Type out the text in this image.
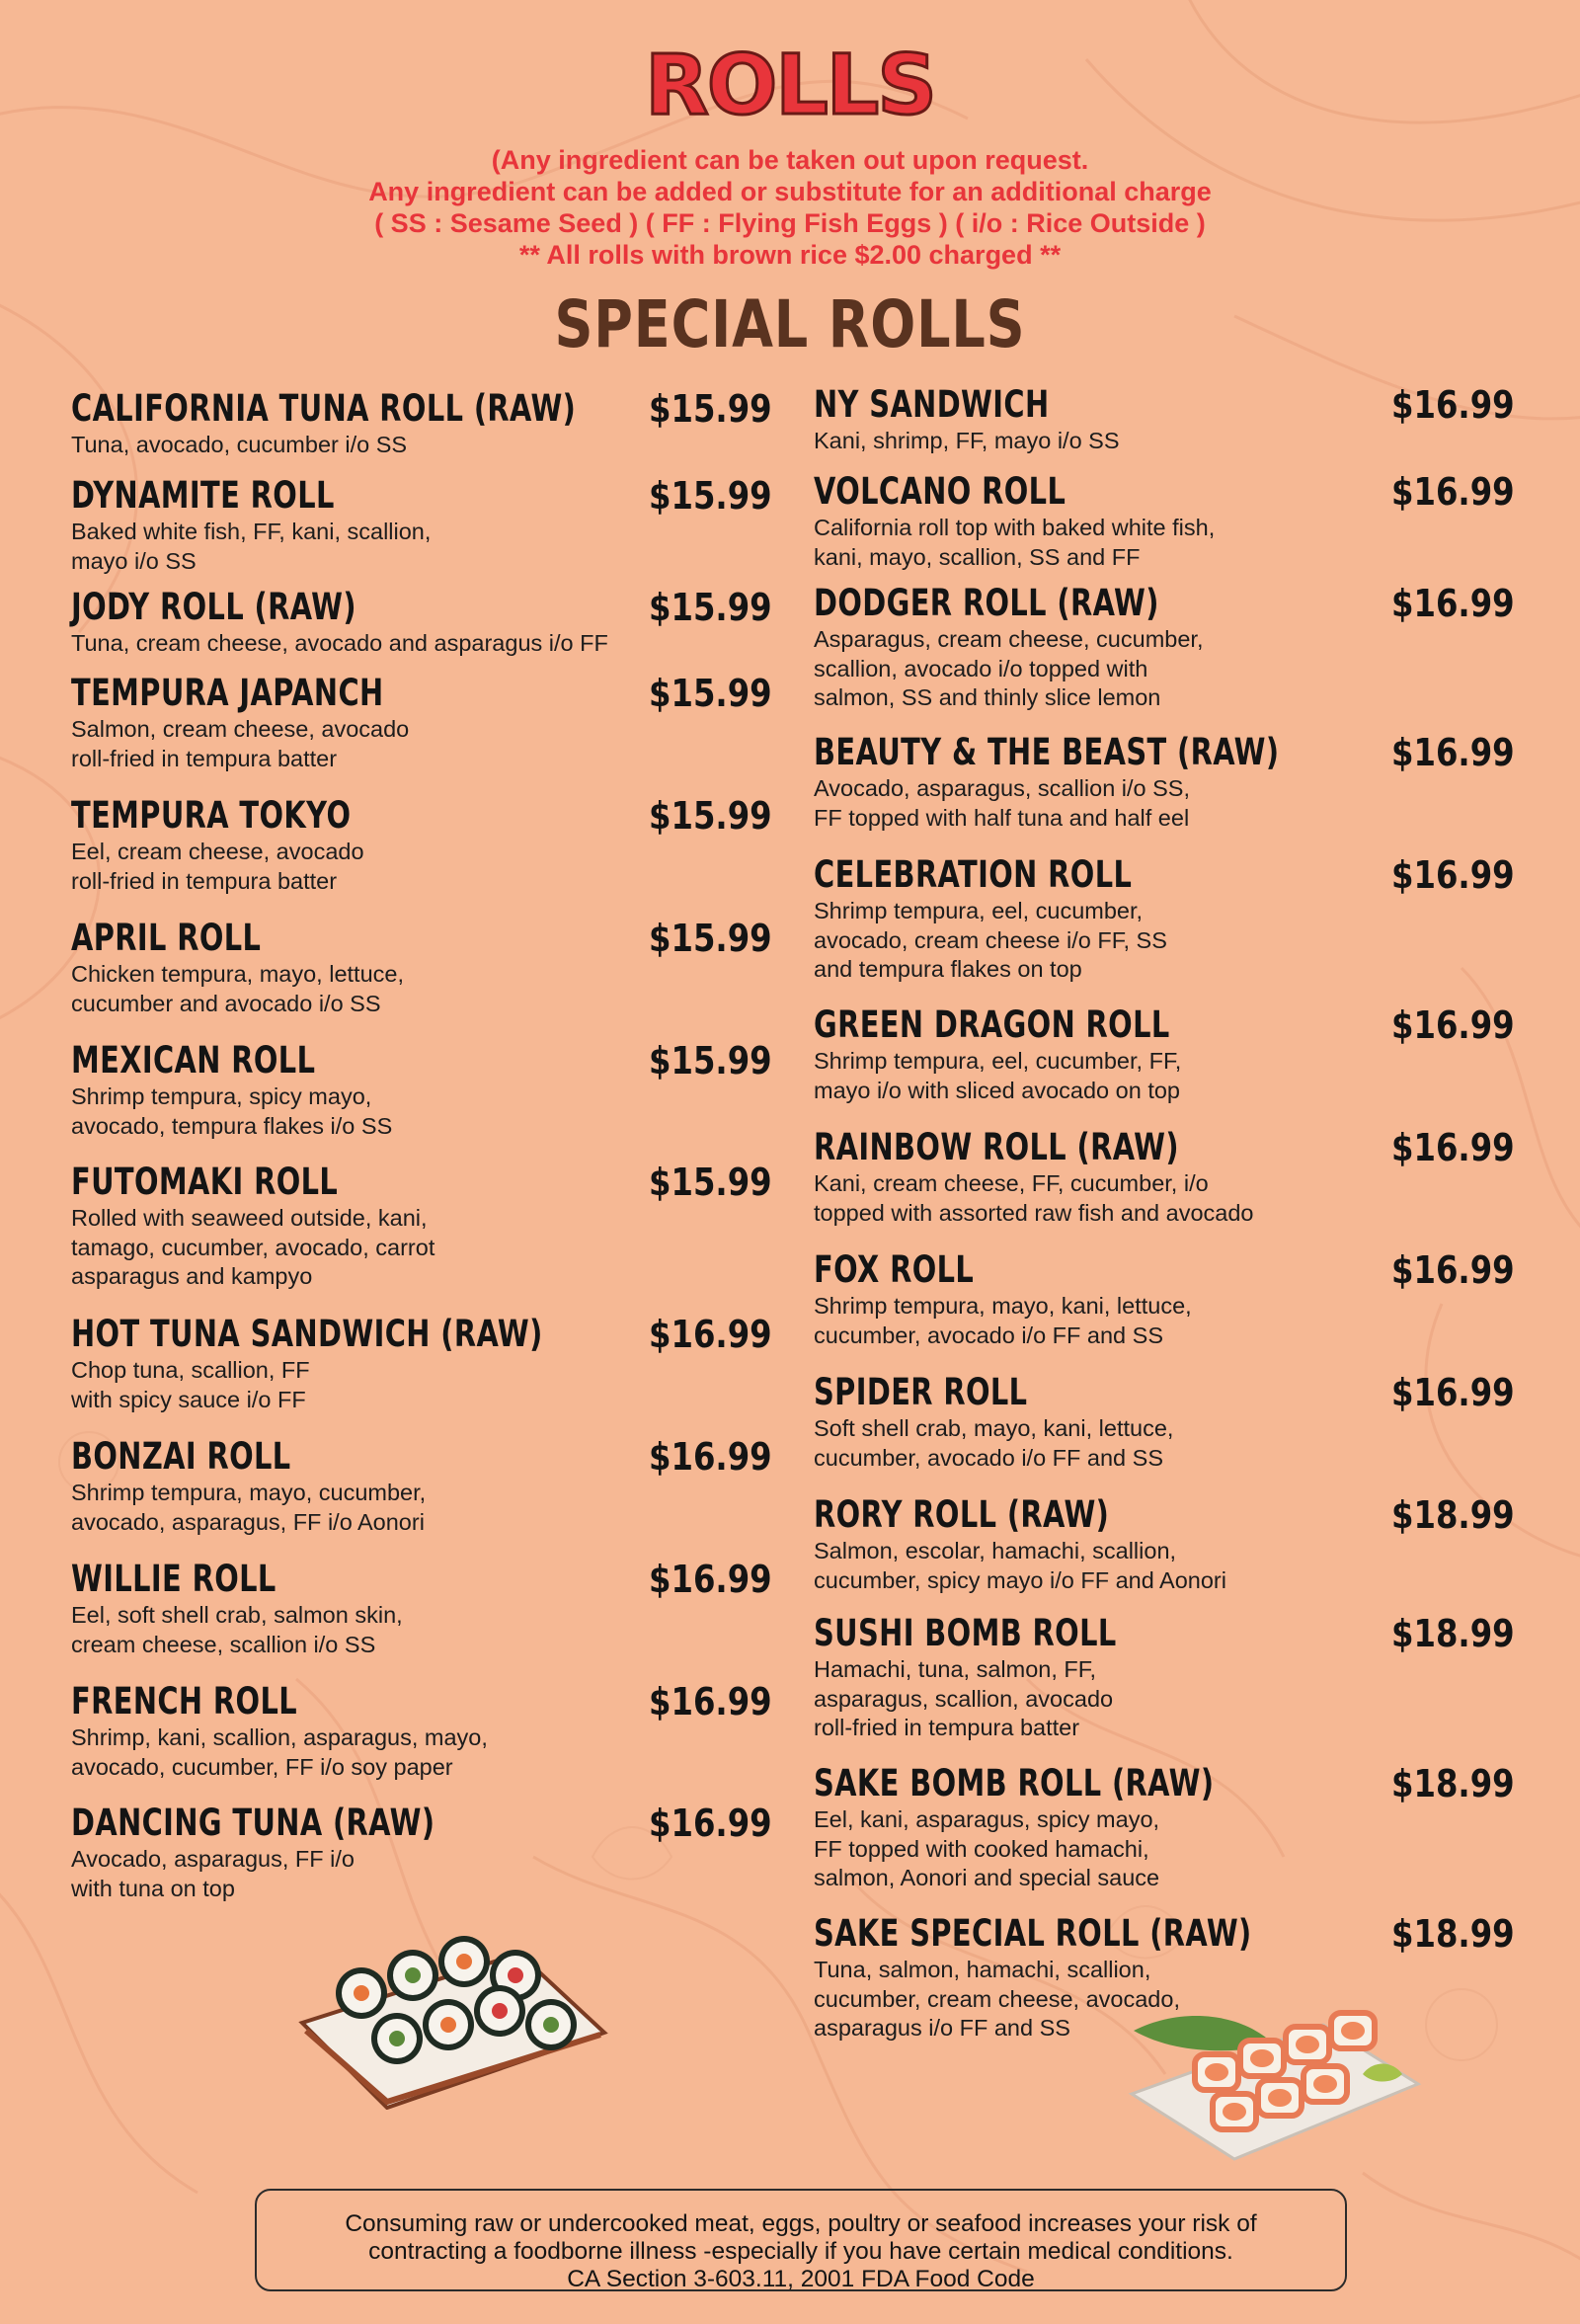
ROLLS
(Any ingredient can be taken out upon request.
Any ingredient can be added or substitute for an additional charge
( SS : Sesame Seed ) ( FF : Flying Fish Eggs ) ( i/o : Rice Outside )
** All rolls with brown rice $2.00 charged **
SPECIAL ROLLS
CALIFORNIA TUNA ROLL (RAW) $15.99
Tuna, avocado, cucumber i/o SS
DYNAMITE ROLL	$15.99
Baked white fish, FF, kani, scallion,
mayo i/o SS
JODY ROLL (RAW)	$15.99
Tuna, cream cheese, avocado and asparagus i/o FF
TEMPURA JAPANCH	$15.99
Salmon, cream cheese, avocado
roll-fried in tempura batter
TEMPURA TOKYO	$15.99
Eel, cream cheese, avocado
roll-fried in tempura batter
APRIL ROLL	$15.99
Chicken tempura, mayo, lettuce,
cucumber and avocado i/o SS
MEXICAN ROLL	$15.99
Shrimp tempura, spicy mayo,
avocado, tempura flakes i/o SS
FUTOMAKI ROLL	$15.99
Rolled with seaweed outside, kani,
tamago, cucumber, avocado, carrot
asparagus and kampyo
HOT TUNA SANDWICH (RAW)	$16.99
Chop tuna, scallion, FF
with spicy sauce i/o FF
BONZAI ROLL	$16.99
Shrimp tempura, mayo, cucumber,
avocado, asparagus, FF i/o Aonori
WILLIE ROLL	$16.99
Eel, soft shell crab, salmon skin,
cream cheese, scallion i/o SS
FRENCH ROLL	$16.99
Shrimp, kani, scallion, asparagus, mayo,
avocado, cucumber, FF i/o soy paper
DANCING TUNA (RAW)	$16.99
Avocado, asparagus, FF i/o
with tuna on top
NY SANDWICH	$16.99
Kani, shrimp, FF, mayo i/o SS
VOLCANO ROLL	$16.99
California roll top with baked white fish,
kani, mayo, scallion, SS and FF
DODGER ROLL (RAW)	$16.99
Asparagus, cream cheese, cucumber,
scallion, avocado i/o topped with
salmon, SS and thinly slice lemon
BEAUTY & THE BEAST (RAW)	$16.99
Avocado, asparagus, scallion i/o SS,
FF topped with half tuna and half eel
CELEBRATION ROLL	$16.99
Shrimp tempura, eel, cucumber,
avocado, cream cheese i/o FF, SS
and tempura flakes on top
GREEN DRAGON ROLL	$16.99
Shrimp tempura, eel, cucumber, FF,
mayo i/o with sliced avocado on top
RAINBOW ROLL (RAW)	$16.99
Kani, cream cheese, FF, cucumber, i/o
topped with assorted raw fish and avocado
FOX ROLL	$16.99
Shrimp tempura, mayo, kani, lettuce,
cucumber, avocado i/o FF and SS
SPIDER ROLL	$16.99
Soft shell crab, mayo, kani, lettuce,
cucumber, avocado i/o FF and SS
RORY ROLL (RAW)	$18.99
Salmon, escolar, hamachi, scallion,
cucumber, spicy mayo i/o FF and Aonori
SUSHI BOMB ROLL	$18.99
Hamachi, tuna, salmon, FF,
asparagus, scallion, avocado
roll-fried in tempura batter
SAKE BOMB ROLL (RAW)	$18.99
Eel, kani, asparagus, spicy mayo,
FF topped with cooked hamachi,
salmon, Aonori and special sauce
SAKE SPECIAL ROLL (RAW)	$18.99
Tuna, salmon, hamachi, scallion,
cucumber, cream cheese, avocado,
asparagus i/o FF and SS
Consuming raw or undercooked meat, eggs, poultry or seafood increases your risk of
contracting a foodborne illness -especially if you have certain medical conditions.
CA Section 3-603.11, 2001 FDA Food Code
